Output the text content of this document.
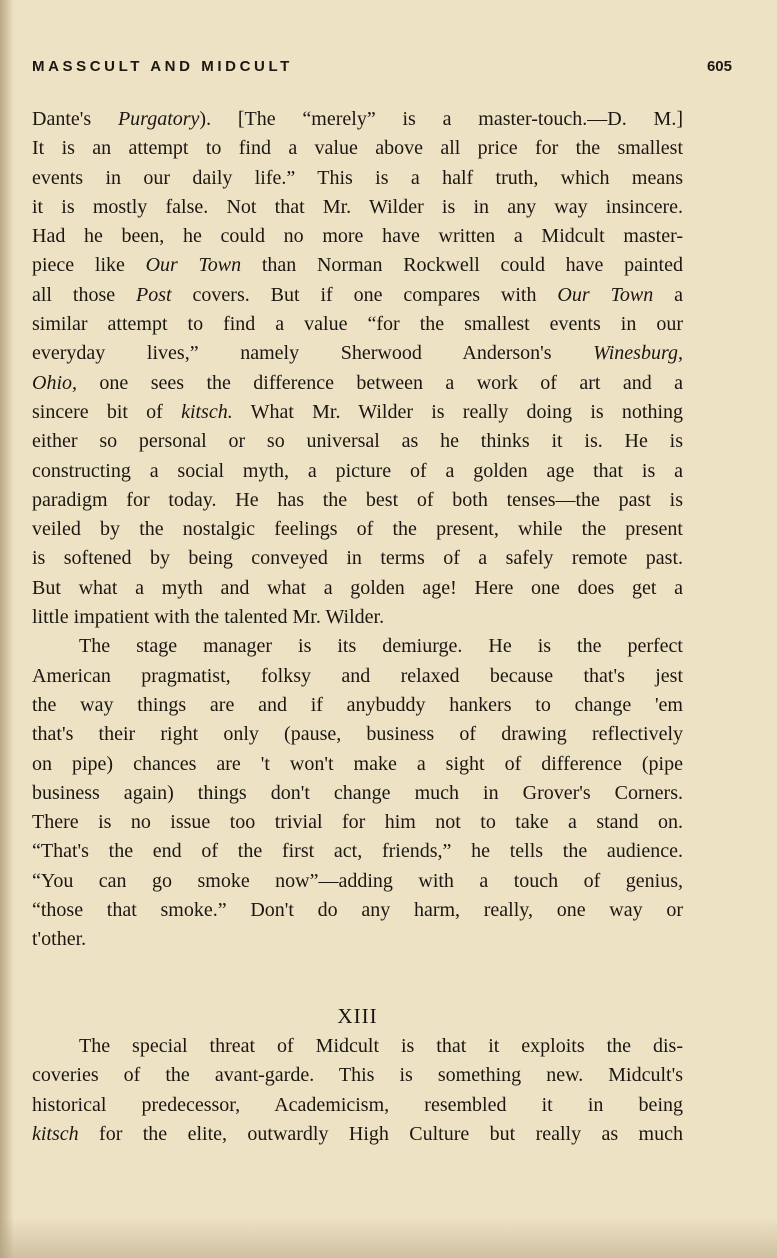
MASSCULT AND MIDCULT	605
Dante's Purgatory). [The “merely” is a master-touch.—D. M.]
It is an attempt to find a value above all price for the smallest
events in our daily life.” This is a half truth, which means
it is mostly false. Not that Mr. Wilder is in any way insincere.
Had he been, he could no more have written a Midcult master-
piece like Our Town than Norman Rockwell could have painted
all those Post covers. But if one compares with Our Town a
similar attempt to find a value “for the smallest events in our
everyday lives,” namely Sherwood Anderson's Winesburg,
Ohio, one sees the difference between a work of art and a
sincere bit of kitsch. What Mr. Wilder is really doing is nothing
either so personal or so universal as he thinks it is. He is
constructing a social myth, a picture of a golden age that is a
paradigm for today. He has the best of both tenses—the past is
veiled by the nostalgic feelings of the present, while the present
is softened by being conveyed in terms of a safely remote past.
But what a myth and what a golden age! Here one does get a
little impatient with the talented Mr. Wilder.
The stage manager is its demiurge. He is the perfect
American pragmatist, folksy and relaxed because that's jest
the way things are and if anybuddy hankers to change 'em
that's their right only (pause, business of drawing reflectively
on pipe) chances are 't won't make a sight of difference (pipe
business again) things don't change much in Grover's Corners.
There is no issue too trivial for him not to take a stand on.
“That's the end of the first act, friends,” he tells the audience.
“You can go smoke now”—adding with a touch of genius,
“those that smoke.” Don't do any harm, really, one way or
t'other.
XIII
The special threat of Midcult is that it exploits the dis-
coveries of the avant-garde. This is something new. Midcult's
historical predecessor, Academicism, resembled it in being
kitsch for the elite, outwardly High Culture but really as much
